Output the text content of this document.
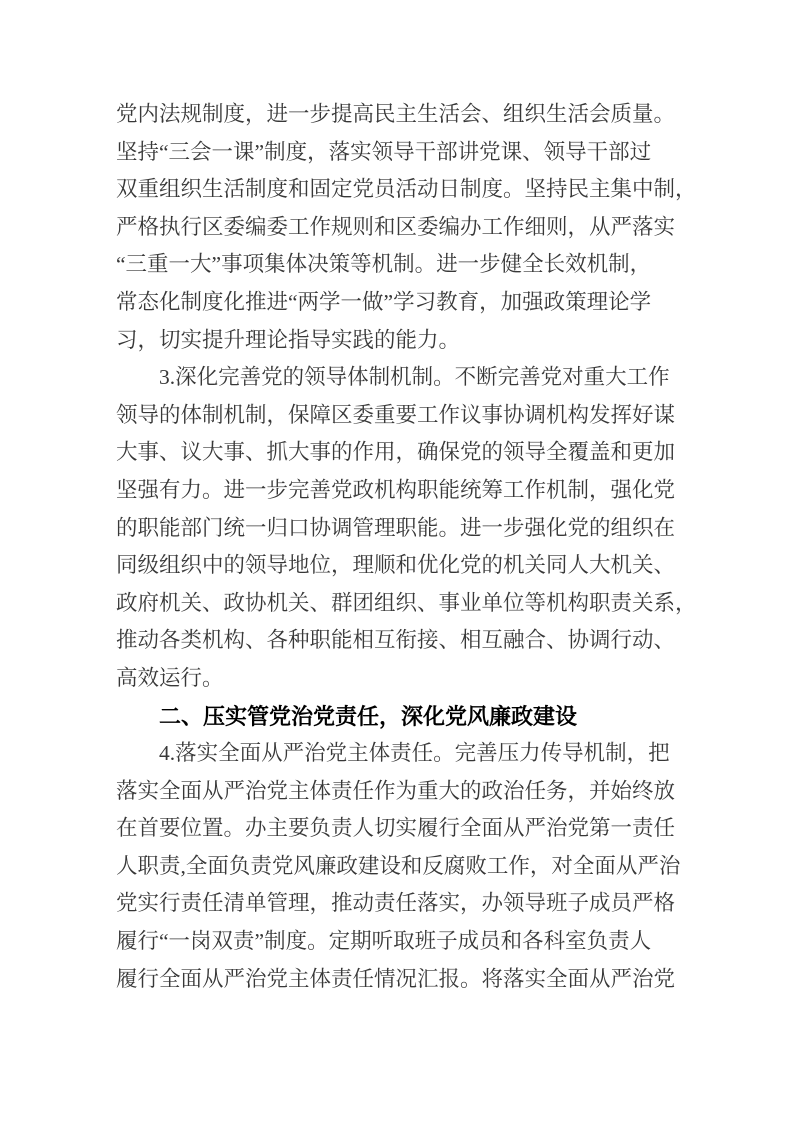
党内法规制度，进一步提高民主生活会、组织生活会质量。
坚持“三会一课”制度，落实领导干部讲党课、领导干部过
双重组织生活制度和固定党员活动日制度。坚持民主集中制，
严格执行区委编委工作规则和区委编办工作细则，从严落实
“三重一大”事项集体决策等机制。进一步健全长效机制，
常态化制度化推进“两学一做”学习教育，加强政策理论学
习，切实提升理论指导实践的能力。
3.深化完善党的领导体制机制。不断完善党对重大工作
领导的体制机制，保障区委重要工作议事协调机构发挥好谋
大事、议大事、抓大事的作用，确保党的领导全覆盖和更加
坚强有力。进一步完善党政机构职能统筹工作机制，强化党
的职能部门统一归口协调管理职能。进一步强化党的组织在
同级组织中的领导地位，理顺和优化党的机关同人大机关、
政府机关、政协机关、群团组织、事业单位等机构职责关系，
推动各类机构、各种职能相互衔接、相互融合、协调行动、
高效运行。
二、压实管党治党责任，深化党风廉政建设
4.落实全面从严治党主体责任。完善压力传导机制，把
落实全面从严治党主体责任作为重大的政治任务，并始终放
在首要位置。办主要负责人切实履行全面从严治党第一责任
人职责,全面负责党风廉政建设和反腐败工作，对全面从严治
党实行责任清单管理，推动责任落实，办领导班子成员严格
履行“一岗双责”制度。定期听取班子成员和各科室负责人
履行全面从严治党主体责任情况汇报。将落实全面从严治党
